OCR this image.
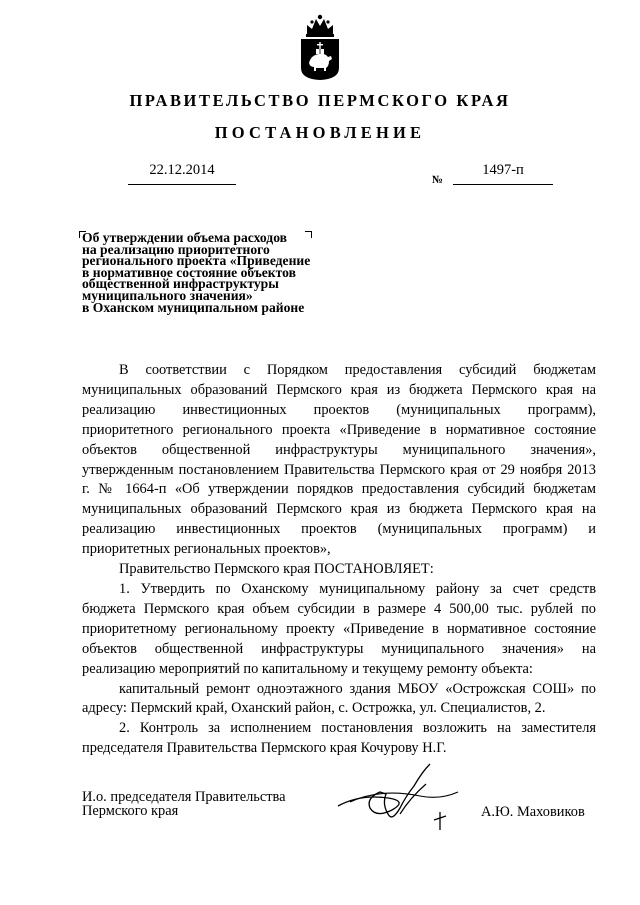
ПРАВИТЕЛЬСТВО ПЕРМСКОГО КРАЯ
ПОСТАНОВЛЕНИЕ
22.12.2014
№
1497-п
Об утверждении объема расходов
на реализацию приоритетного
регионального проекта «Приведение
в нормативное состояние объектов
общественной инфраструктуры
муниципального значения»
в Оханском муниципальном районе

В соответствии с Порядком предоставления субсидий бюджетам муниципальных образований Пермского края из бюджета Пермского края на реализацию инвестиционных проектов (муниципальных программ), приоритетного регионального проекта «Приведение в нормативное состояние объектов общественной инфраструктуры муниципального значения», утвержденным постановлением Правительства Пермского края от 29 ноября 2013 г. № 1664-п «Об утверждении порядков предоставления субсидий бюджетам муниципальных образований Пермского края из бюджета Пермского края на реализацию инвестиционных проектов (муниципальных программ) и приоритетных региональных проектов»,

Правительство Пермского края ПОСТАНОВЛЯЕТ:

1. Утвердить по Оханскому муниципальному району за счет средств бюджета Пермского края объем субсидии в размере 4 500,00 тыс. рублей по приоритетному региональному проекту «Приведение в нормативное состояние объектов общественной инфраструктуры муниципального значения» на реализацию мероприятий по капитальному и текущему ремонту объекта:

капитальный ремонт одноэтажного здания МБОУ «Острожская СОШ» по адресу: Пермский край, Оханский район, с. Острожка, ул. Специалистов, 2.

2. Контроль за исполнением постановления возложить на заместителя председателя Правительства Пермского края Кочурову Н.Г.

И.о. председателя Правительства
Пермского края	А.Ю. Маховиков
